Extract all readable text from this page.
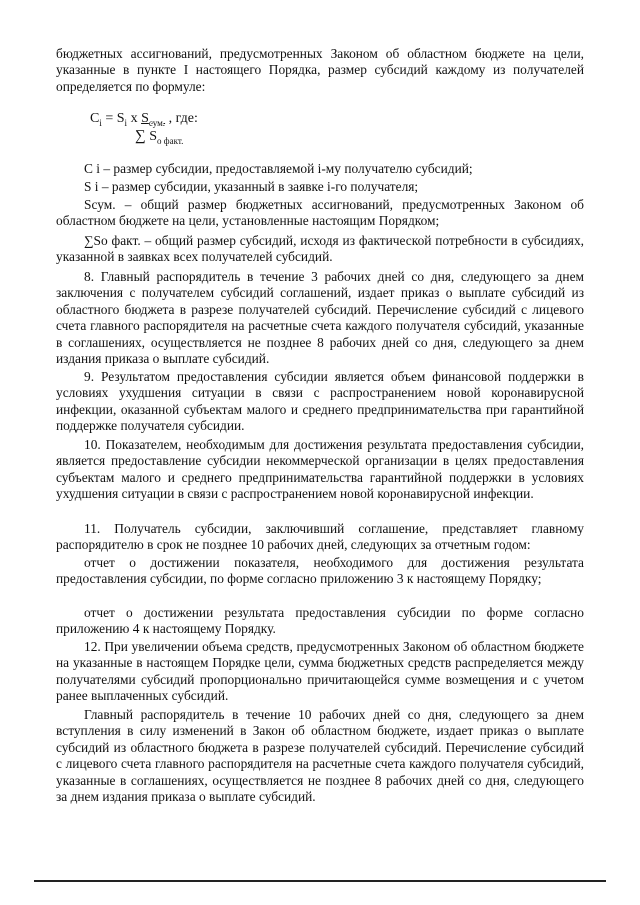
бюджетных ассигнований, предусмотренных Законом об областном бюджете на цели, указанные в пункте I настоящего Порядка, размер субсидий каждому из получателей определяется по формуле:

$C_i = S_i$ x $S_{сум.}$ , где:
∑ $S_{о факт.}$

С i – размер субсидии, предоставляемой i-му получателю субсидий;

S i – размер субсидии, указанный в заявке i-го получателя;

Sсум. – общий размер бюджетных ассигнований, предусмотренных Законом об областном бюджете на цели, установленные настоящим Порядком;

∑Sо факт. – общий размер субсидий, исходя из фактической потребности в субсидиях, указанной в заявках всех получателей субсидий.

8. Главный распорядитель в течение 3 рабочих дней со дня, следующего за днем заключения с получателем субсидий соглашений, издает приказ о выплате субсидий из областного бюджета в разрезе получателей субсидий. Перечисление субсидий с лицевого счета главного распорядителя на расчетные счета каждого получателя субсидий, указанные в соглашениях, осуществляется не позднее 8 рабочих дней со дня, следующего за днем издания приказа о выплате субсидий.

9. Результатом предоставления субсидии является объем финансовой поддержки в условиях ухудшения ситуации в связи с распространением новой коронавирусной инфекции, оказанной субъектам малого и среднего предпринимательства при гарантийной поддержке получателя субсидии.

10. Показателем, необходимым для достижения результата предоставления субсидии, является предоставление субсидии некоммерческой организации в целях предоставления субъектам малого и среднего предпринимательства гарантийной поддержки в условиях ухудшения ситуации в связи с распространением новой коронавирусной инфекции.

11. Получатель субсидии, заключивший соглашение, представляет главному распорядителю в срок не позднее 10 рабочих дней, следующих за отчетным годом:

отчет о достижении показателя, необходимого для достижения результата предоставления субсидии, по форме согласно приложению 3 к настоящему Порядку;

отчет о достижении результата предоставления субсидии по форме согласно приложению 4 к настоящему Порядку.

12. При увеличении объема средств, предусмотренных Законом об областном бюджете на указанные в настоящем Порядке цели, сумма бюджетных средств распределяется между получателями субсидий пропорционально причитающейся сумме возмещения и с учетом ранее выплаченных субсидий.

Главный распорядитель в течение 10 рабочих дней со дня, следующего за днем вступления в силу изменений в Закон об областном бюджете, издает приказ о выплате субсидий из областного бюджета в разрезе получателей субсидий. Перечисление субсидий с лицевого счета главного распорядителя на расчетные счета каждого получателя субсидий, указанные в соглашениях, осуществляется не позднее 8 рабочих дней со дня, следующего за днем издания приказа о выплате субсидий.
